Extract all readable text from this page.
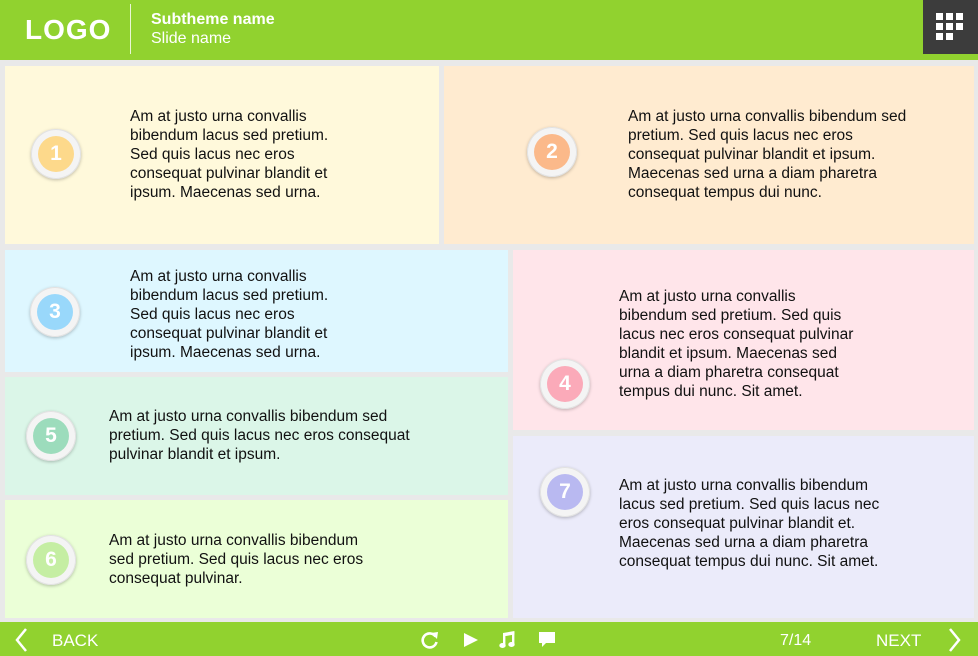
LOGO Subtheme name
Slide name
1
Am at justo urna convallis
bibendum lacus sed pretium.
Sed quis lacus nec eros
consequat pulvinar blandit et
ipsum. Maecenas sed urna.
2
Am at justo urna convallis bibendum sed
pretium. Sed quis lacus nec eros
consequat pulvinar blandit et ipsum.
Maecenas sed urna a diam pharetra
consequat tempus dui nunc.
3
Am at justo urna convallis
bibendum lacus sed pretium.
Sed quis lacus nec eros
consequat pulvinar blandit et
ipsum. Maecenas sed urna.
4
Am at justo urna convallis
bibendum sed pretium. Sed quis
lacus nec eros consequat pulvinar
blandit et ipsum. Maecenas sed
urna a diam pharetra consequat
tempus dui nunc. Sit amet.
5
Am at justo urna convallis bibendum sed
pretium. Sed quis lacus nec eros consequat
pulvinar blandit et ipsum.
6
Am at justo urna convallis bibendum
sed pretium. Sed quis lacus nec eros
consequat pulvinar.
7	Am at justo urna convallis bibendum
lacus sed pretium. Sed quis lacus nec
eros consequat pulvinar blandit et.
Maecenas sed urna a diam pharetra
consequat tempus dui nunc. Sit amet.
BACK	7/14	NEXT
